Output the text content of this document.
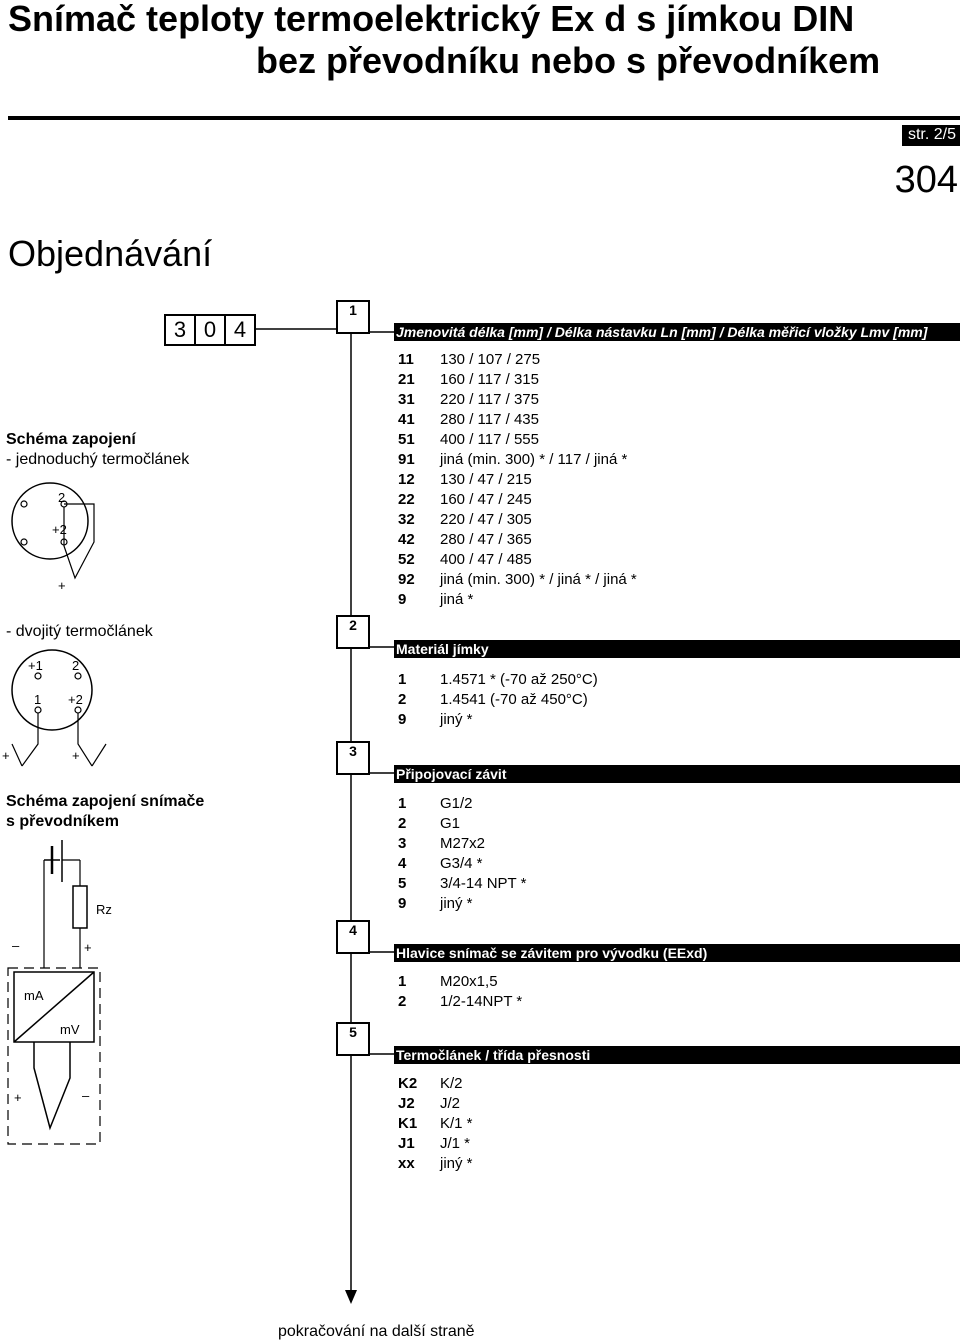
Snímač teploty termoelektrický Ex d s jímkou DIN
bez převodníku nebo s převodníkem
str. 2/5
304
Objednávání
3 0 4
1
2
3
4
5
Jmenovitá délka [mm] / Délka nástavku Ln [mm] / Délka měřicí vložky Lmv [mm]
Materiál jímky
Připojovací závit
Hlavice snímač se závitem pro vývodku (EExd)
Termočlánek / třída přesnosti
11	130 / 107 / 275
21	160 / 117 / 315
31	220 / 117 / 375
41	280 / 117 / 435
51	400 / 117 / 555
91	jiná (min. 300) * / 117 / jiná *
12	130 / 47 / 215
22	160 / 47 / 245
32	220 / 47 / 305
42	280 / 47 / 365
52	400 / 47 / 485
92	jiná (min. 300) * / jiná * / jiná *
9	jiná *
1	1.4571 * (-70 až 250°C)
2	1.4541 (-70 až 450°C)
9	jiný *
1	G1/2
2	G1
3	M27x2
4	G3/4 *
5	3/4-14 NPT *
9	jiný *
1	M20x1,5
2	1/2-14NPT *
K2	K/2
J2	J/2
K1	K/1 *
J1	J/1 *
xx	jiný *
Schéma zapojení
- jednoduchý termočlánek
- dvojitý termočlánek
Schéma zapojení snímače
s převodníkem
2
+2
+
+1 2
1 +2
+	+
Rz
–	+
mA
mV
+	–
pokračování na další straně
